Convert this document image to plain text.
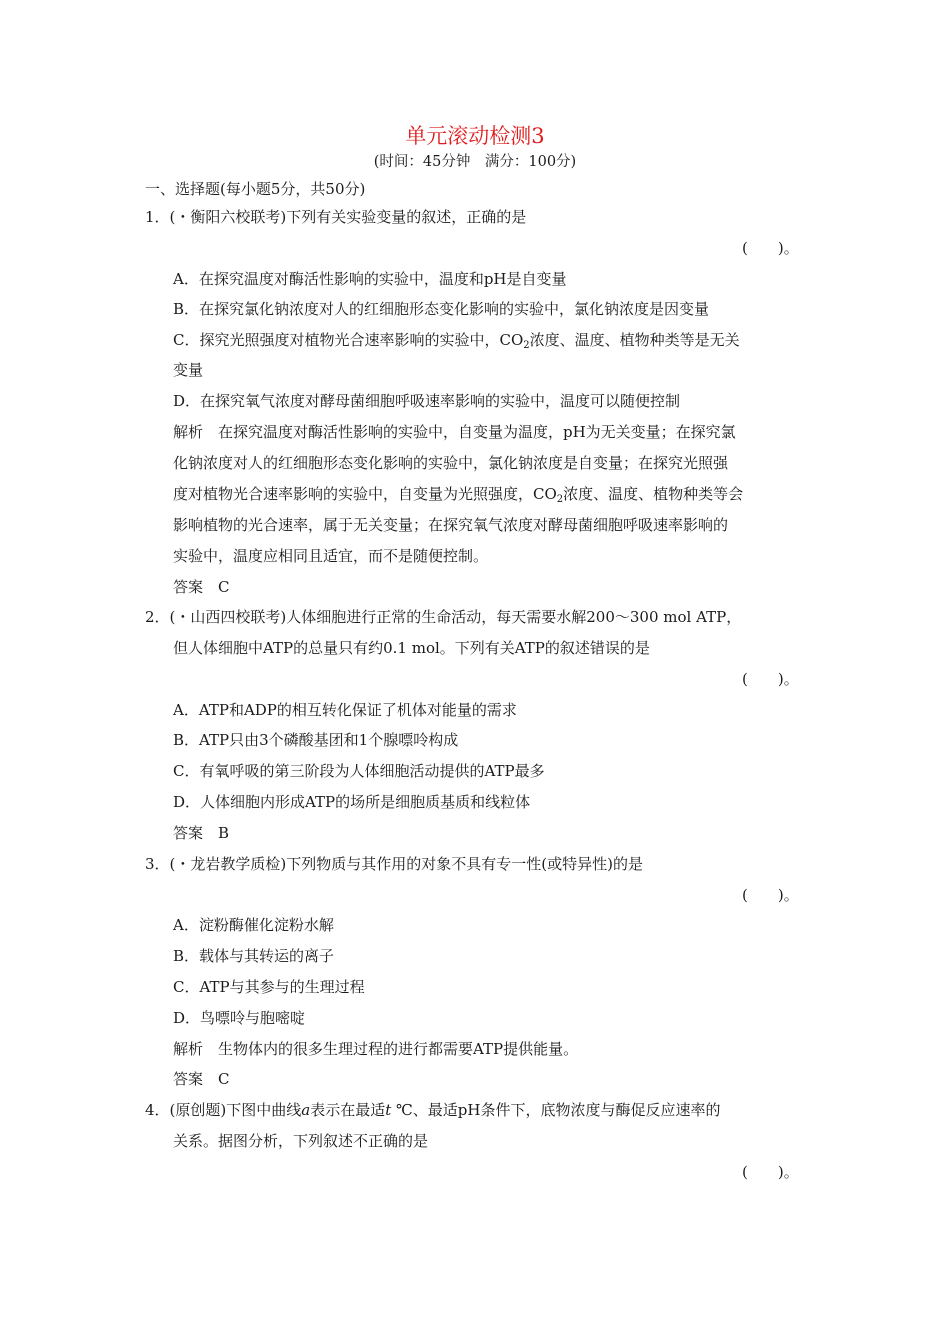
单元滚动检测3
(时间：45分钟　满分：100分)
一、选择题(每小题5分，共50分)
1．(・衡阳六校联考)下列有关实验变量的叙述，正确的是
(　　)。
A．在探究温度对酶活性影响的实验中，温度和pH是自变量
B．在探究氯化钠浓度对人的红细胞形态变化影响的实验中，氯化钠浓度是因变量
C．探究光照强度对植物光合速率影响的实验中，$CO_2$浓度、温度、植物种类等是无关
变量
D．在探究氧气浓度对酵母菌细胞呼吸速率影响的实验中，温度可以随便控制
解析　在探究温度对酶活性影响的实验中，自变量为温度，pH为无关变量；在探究氯
化钠浓度对人的红细胞形态变化影响的实验中，氯化钠浓度是自变量；在探究光照强
度对植物光合速率影响的实验中，自变量为光照强度，$CO_2$浓度、温度、植物种类等会
影响植物的光合速率，属于无关变量；在探究氧气浓度对酵母菌细胞呼吸速率影响的
实验中，温度应相同且适宜，而不是随便控制。
答案　C
2．(・山西四校联考)人体细胞进行正常的生命活动，每天需要水解200～300 mol ATP，
但人体细胞中ATP的总量只有约0.1 mol。下列有关ATP的叙述错误的是
(　　)。
A．ATP和ADP的相互转化保证了机体对能量的需求
B．ATP只由3个磷酸基团和1个腺嘌呤构成
C．有氧呼吸的第三阶段为人体细胞活动提供的ATP最多
D．人体细胞内形成ATP的场所是细胞质基质和线粒体
答案　B
3．(・龙岩教学质检)下列物质与其作用的对象不具有专一性(或特异性)的是
(　　)。
A．淀粉酶催化淀粉水解
B．载体与其转运的离子
C．ATP与其参与的生理过程
D．鸟嘌呤与胞嘧啶
解析　生物体内的很多生理过程的进行都需要ATP提供能量。
答案　C
4．(原创题)下图中曲线a表示在最适t ℃、最适pH条件下，底物浓度与酶促反应速率的
关系。据图分析，下列叙述不正确的是
(　　)。
